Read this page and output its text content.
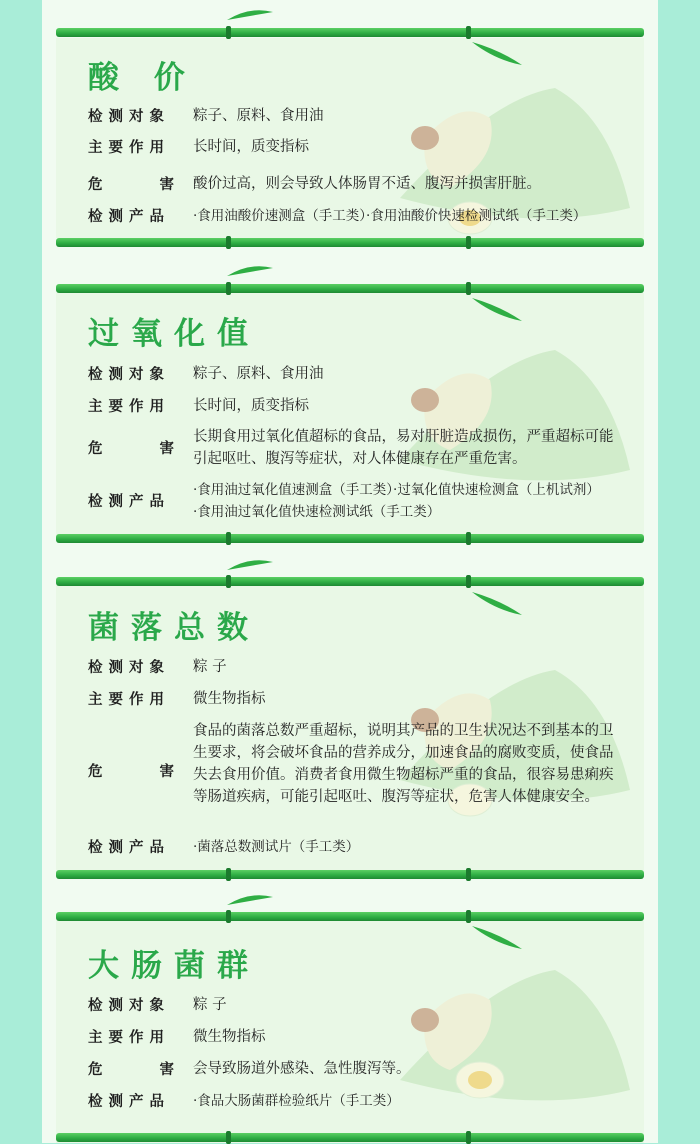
酸 价
检测对象 粽子、原料、食用油
主要作用 长时间，质变指标
危	害 酸价过高，则会导致人体肠胃不适、腹泻并损害肝脏。
检测产品 ·食用油酸价速测盒（手工类）·食用油酸价快速检测试纸（手工类）
过氧化值
检测对象 粽子、原料、食用油
主要作用 长时间，质变指标
危	害
长期食用过氧化值超标的食品，易对肝脏造成损伤，严重超标可能引起呕吐、腹泻等症状，对人体健康存在严重危害。
检测产品
·食用油过氧化值速测盒（手工类）·过氧化值快速检测盒（上机试剂）
·食用油过氧化值快速检测试纸（手工类）
菌落总数
检测对象 粽 子
主要作用 微生物指标
危	害
食品的菌落总数严重超标，说明其产品的卫生状况达不到基本的卫生要求，将会破坏食品的营养成分，加速食品的腐败变质，使食品失去食用价值。消费者食用微生物超标严重的食品，很容易患痢疾等肠道疾病，可能引起呕吐、腹泻等症状，危害人体健康安全。
检测产品 ·菌落总数测试片（手工类）
大肠菌群
检测对象 粽 子
主要作用 微生物指标
危	害 会导致肠道外感染、急性腹泻等。
检测产品 ·食品大肠菌群检验纸片（手工类）
